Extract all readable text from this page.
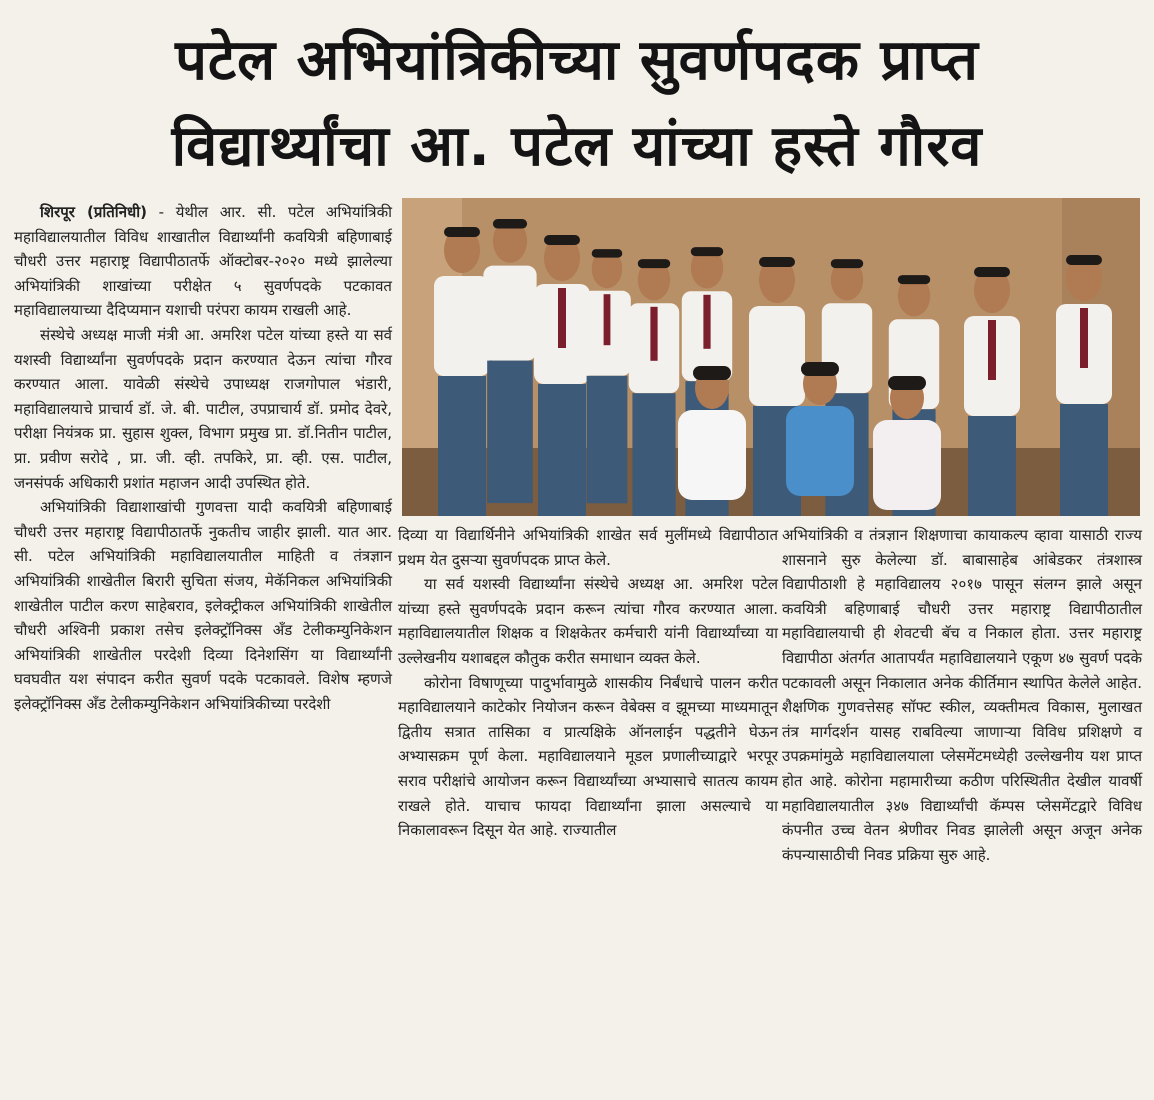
पटेल अभियांत्रिकीच्या सुवर्णपदक प्राप्त
विद्यार्थ्यांचा आ. पटेल यांच्या हस्ते गौरव

शिरपूर (प्रतिनिधी) - येथील आर. सी. पटेल अभियांत्रिकी महाविद्यालयातील विविध शाखातील विद्यार्थ्यांनी कवयित्री बहिणाबाई चौधरी उत्तर महाराष्ट्र विद्यापीठातर्फे ऑक्टोबर-२०२० मध्ये झालेल्या अभियांत्रिकी शाखांच्या परीक्षेत ५ सुवर्णपदके पटकावत महाविद्यालयाच्या दैदिप्यमान यशाची परंपरा कायम राखली आहे.

संस्थेचे अध्यक्ष माजी मंत्री आ. अमरिश पटेल यांच्या हस्ते या सर्व यशस्वी विद्यार्थ्यांना सुवर्णपदके प्रदान करण्यात देऊन त्यांचा गौरव करण्यात आला. यावेळी संस्थेचे उपाध्यक्ष राजगोपाल भंडारी, महाविद्यालयाचे प्राचार्य डॉ. जे. बी. पाटील, उपप्राचार्य डॉ. प्रमोद देवरे, परीक्षा नियंत्रक प्रा. सुहास शुक्ल, विभाग प्रमुख प्रा. डॉ.नितीन पाटील, प्रा. प्रवीण सरोदे , प्रा. जी. व्ही. तपकिरे, प्रा. व्ही. एस. पाटील, जनसंपर्क अधिकारी प्रशांत महाजन आदी उपस्थित होते.

अभियांत्रिकी विद्याशाखांची गुणवत्ता यादी कवयित्री बहिणाबाई चौधरी उत्तर महाराष्ट्र विद्यापीठातर्फे नुकतीच जाहीर झाली. यात आर. सी. पटेल अभियांत्रिकी महाविद्यालयातील माहिती व तंत्रज्ञान अभियांत्रिकी शाखेतील बिरारी सुचिता संजय, मेकॅनिकल अभियांत्रिकी शाखेतील पाटील करण साहेबराव, इलेक्ट्रीकल अभियांत्रिकी शाखेतील चौधरी अश्विनी प्रकाश तसेच इलेक्ट्रॉनिक्स अँड टेलीकम्युनिकेशन अभियांत्रिकी शाखेतील परदेशी दिव्या दिनेशसिंग या विद्यार्थ्यांनी घवघवीत यश संपादन करीत सुवर्ण पदके पटकावले. विशेष म्हणजे इलेक्ट्रॉनिक्स अँड टेलीकम्युनिकेशन अभियांत्रिकीच्या परदेशी

दिव्या या विद्यार्थिनीने अभियांत्रिकी शाखेत सर्व मुलींमध्ये विद्यापीठात प्रथम येत दुसऱ्या सुवर्णपदक प्राप्त केले.

या सर्व यशस्वी विद्यार्थ्यांना संस्थेचे अध्यक्ष आ. अमरिश पटेल यांच्या हस्ते सुवर्णपदके प्रदान करून त्यांचा गौरव करण्यात आला. महाविद्यालयातील शिक्षक व शिक्षकेतर कर्मचारी यांनी विद्यार्थ्यांच्या या उल्लेखनीय यशाबद्दल कौतुक करीत समाधान व्यक्त केले.

कोरोना विषाणूच्या पादुर्भावामुळे शासकीय निर्बंधाचे पालन करीत महाविद्यालयाने काटेकोर नियोजन करून वेबेक्स व झूमच्या माध्यमातून द्वितीय सत्रात तासिका व प्रात्यक्षिके ऑनलाईन पद्धतीने घेऊन अभ्यासक्रम पूर्ण केला. महाविद्यालयाने मूडल प्रणालीच्याद्वारे भरपूर सराव परीक्षांचे आयोजन करून विद्यार्थ्यांच्या अभ्यासाचे सातत्य कायम राखले होते. याचाच फायदा विद्यार्थ्यांना झाला असल्याचे या निकालावरून दिसून येत आहे. राज्यातील

अभियांत्रिकी व तंत्रज्ञान शिक्षणाचा कायाकल्प व्हावा यासाठी राज्य शासनाने सुरु केलेल्या डॉ. बाबासाहेब आंबेडकर तंत्रशास्त्र विद्यापीठाशी हे महाविद्यालय २०१७ पासून संलग्न झाले असून कवयित्री बहिणाबाई चौधरी उत्तर महाराष्ट्र विद्यापीठातील महाविद्यालयाची ही शेवटची बॅच व निकाल होता. उत्तर महाराष्ट्र विद्यापीठा अंतर्गत आतापर्यंत महाविद्यालयाने एकूण ४७ सुवर्ण पदके पटकावली असून निकालात अनेक कीर्तिमान स्थापित केलेले आहेत. शैक्षणिक गुणवत्तेसह सॉफ्ट स्कील, व्यक्तीमत्व विकास, मुलाखत तंत्र मार्गदर्शन यासह राबविल्या जाणाऱ्या विविध प्रशिक्षणे व उपक्रमांमुळे महाविद्यालयाला प्लेसमेंटमध्येही उल्लेखनीय यश प्राप्त होत आहे. कोरोना महामारीच्या कठीण परिस्थितीत देखील यावर्षी महाविद्यालयातील ३४७ विद्यार्थ्यांची कॅम्पस प्लेसमेंटद्वारे विविध कंपनीत उच्च वेतन श्रेणीवर निवड झालेली असून अजून अनेक कंपन्यासाठीची निवड प्रक्रिया सुरु आहे.
